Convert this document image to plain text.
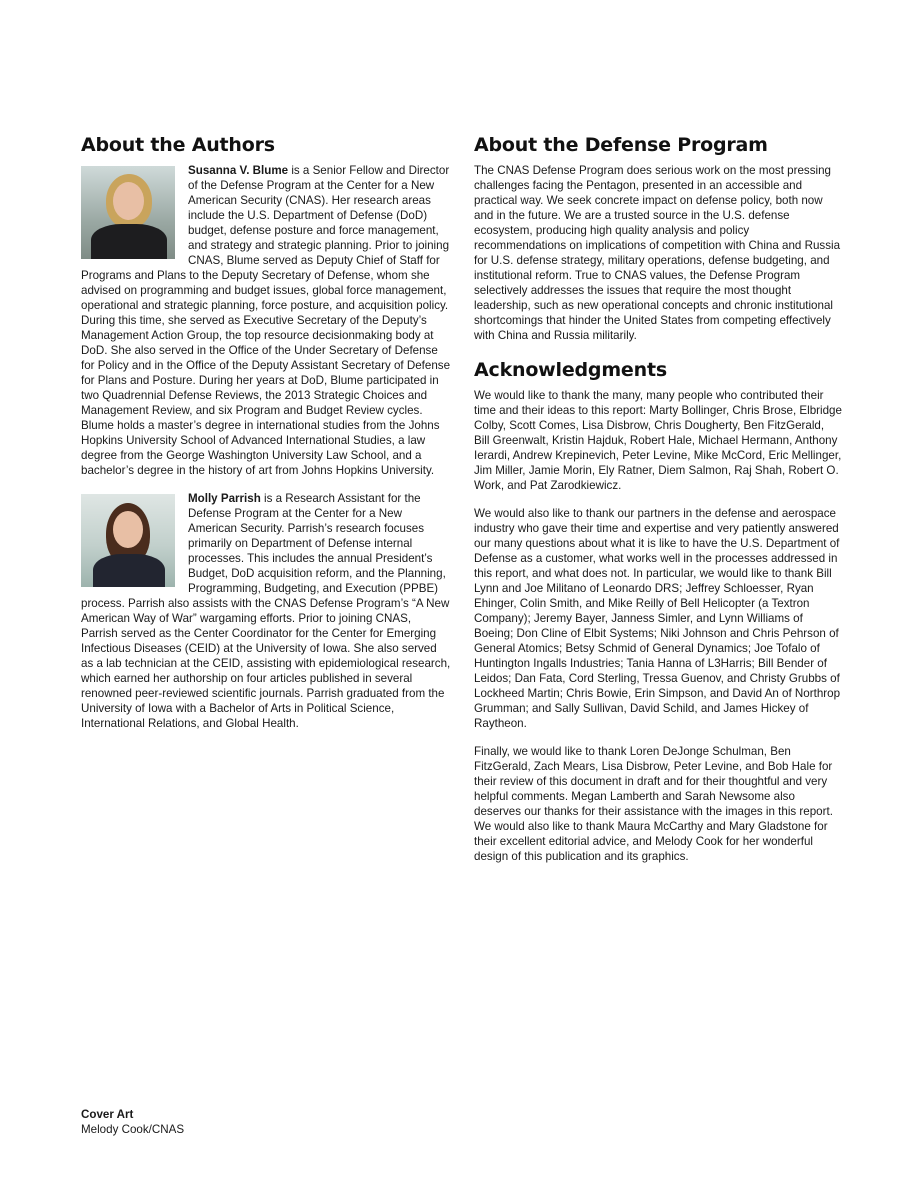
About the Authors

Susanna V. Blume is a Senior Fellow and Director of the Defense Program at the Center for a New American Security (CNAS). Her research areas include the U.S. Department of Defense (DoD) budget, defense posture and force management, and strategy and strategic planning. Prior to joining CNAS, Blume served as Deputy Chief of Staff for Programs and Plans to the Deputy Secretary of Defense, whom she advised on programming and budget issues, global force management, operational and strategic planning, force posture, and acquisition policy. During this time, she served as Executive Secretary of the Deputy’s Management Action Group, the top resource decisionmaking body at DoD. She also served in the Office of the Under Secretary of Defense for Policy and in the Office of the Deputy Assistant Secretary of Defense for Plans and Posture. During her years at DoD, Blume participated in two Quadrennial Defense Reviews, the 2013 Strategic Choices and Management Review, and six Program and Budget Review cycles. Blume holds a master’s degree in international studies from the Johns Hopkins University School of Advanced International Studies, a law degree from the George Washington University Law School, and a bachelor’s degree in the history of art from Johns Hopkins University.

Molly Parrish is a Research Assistant for the Defense Program at the Center for a New American Security. Parrish’s research focuses primarily on Department of Defense internal processes. This includes the annual President’s Budget, DoD acquisition reform, and the Planning, Programming, Budgeting, and Execution (PPBE) process. Parrish also assists with the CNAS Defense Program’s “A New American Way of War” wargaming efforts. Prior to joining CNAS, Parrish served as the Center Coordinator for the Center for Emerging Infectious Diseases (CEID) at the University of Iowa. She also served as a lab technician at the CEID, assisting with epidemiological research, which earned her authorship on four articles published in several renowned peer-reviewed scientific journals. Parrish graduated from the University of Iowa with a Bachelor of Arts in Political Science, International Relations, and Global Health.

About the Defense Program

The CNAS Defense Program does serious work on the most pressing challenges facing the Pentagon, presented in an accessible and practical way. We seek concrete impact on defense policy, both now and in the future. We are a trusted source in the U.S. defense ecosystem, producing high quality analysis and policy recommendations on implications of competition with China and Russia for U.S. defense strategy, military operations, defense budgeting, and institutional reform. True to CNAS values, the Defense Program selectively addresses the issues that require the most thought leadership, such as new operational concepts and chronic institutional shortcomings that hinder the United States from competing effectively with China and Russia militarily.

Acknowledgments

We would like to thank the many, many people who contributed their time and their ideas to this report: Marty Bollinger, Chris Brose, Elbridge Colby, Scott Comes, Lisa Disbrow, Chris Dougherty, Ben FitzGerald, Bill Greenwalt, Kristin Hajduk, Robert Hale, Michael Hermann, Anthony Ierardi, Andrew Krepinevich, Peter Levine, Mike McCord, Eric Mellinger, Jim Miller, Jamie Morin, Ely Ratner, Diem Salmon, Raj Shah, Robert O. Work, and Pat Zarodkiewicz.

We would also like to thank our partners in the defense and aerospace industry who gave their time and expertise and very patiently answered our many questions about what it is like to have the U.S. Department of Defense as a customer, what works well in the processes addressed in this report, and what does not. In particular, we would like to thank Bill Lynn and Joe Militano of Leonardo DRS; Jeffrey Schloesser, Ryan Ehinger, Colin Smith, and Mike Reilly of Bell Helicopter (a Textron Company); Jeremy Bayer, Janness Simler, and Lynn Williams of Boeing; Don Cline of Elbit Systems; Niki Johnson and Chris Pehrson of General Atomics; Betsy Schmid of General Dynamics; Joe Tofalo of Huntington Ingalls Industries; Tania Hanna of L3Harris; Bill Bender of Leidos; Dan Fata, Cord Sterling, Tressa Guenov, and Christy Grubbs of Lockheed Martin; Chris Bowie, Erin Simpson, and David An of Northrop Grumman; and Sally Sullivan, David Schild, and James Hickey of Raytheon.

Finally, we would like to thank Loren DeJonge Schulman, Ben FitzGerald, Zach Mears, Lisa Disbrow, Peter Levine, and Bob Hale for their review of this document in draft and for their thoughtful and very helpful comments. Megan Lamberth and Sarah Newsome also deserves our thanks for their assistance with the images in this report. We would also like to thank Maura McCarthy and Mary Gladstone for their excellent editorial advice, and Melody Cook for her wonderful design of this publication and its graphics.

Cover Art
Melody Cook/CNAS
